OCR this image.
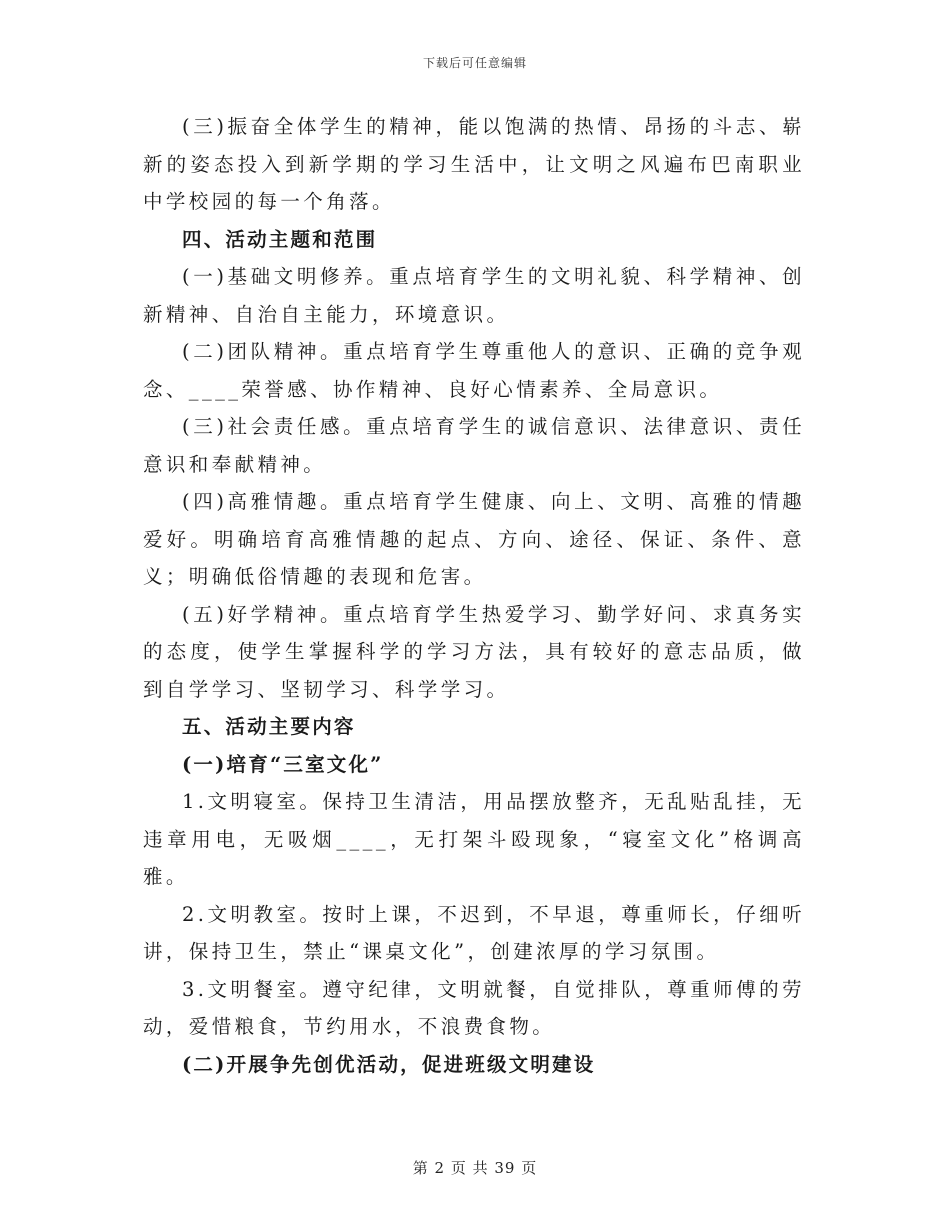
下载后可任意编辑

(三)振奋全体学生的精神，能以饱满的热情、昂扬的斗志、崭新的姿态投入到新学期的学习生活中，让文明之风遍布巴南职业中学校园的每一个角落。

四、活动主题和范围

(一)基础文明修养。重点培育学生的文明礼貌、科学精神、创新精神、自治自主能力，环境意识。

(二)团队精神。重点培育学生尊重他人的意识、正确的竞争观念、____荣誉感、协作精神、良好心情素养、全局意识。

(三)社会责任感。重点培育学生的诚信意识、法律意识、责任意识和奉献精神。

(四)高雅情趣。重点培育学生健康、向上、文明、高雅的情趣爱好。明确培育高雅情趣的起点、方向、途径、保证、条件、意义；明确低俗情趣的表现和危害。

(五)好学精神。重点培育学生热爱学习、勤学好问、求真务实的态度，使学生掌握科学的学习方法，具有较好的意志品质，做到自学学习、坚韧学习、科学学习。

五、活动主要内容

(一)培育“三室文化”

1.文明寝室。保持卫生清洁，用品摆放整齐，无乱贴乱挂，无违章用电，无吸烟____，无打架斗殴现象，“寝室文化”格调高雅。

2.文明教室。按时上课，不迟到，不早退，尊重师长，仔细听讲，保持卫生，禁止“课桌文化”，创建浓厚的学习氛围。

3.文明餐室。遵守纪律，文明就餐，自觉排队，尊重师傅的劳动，爱惜粮食，节约用水，不浪费食物。

(二)开展争先创优活动，促进班级文明建设

第 2 页 共 39 页
